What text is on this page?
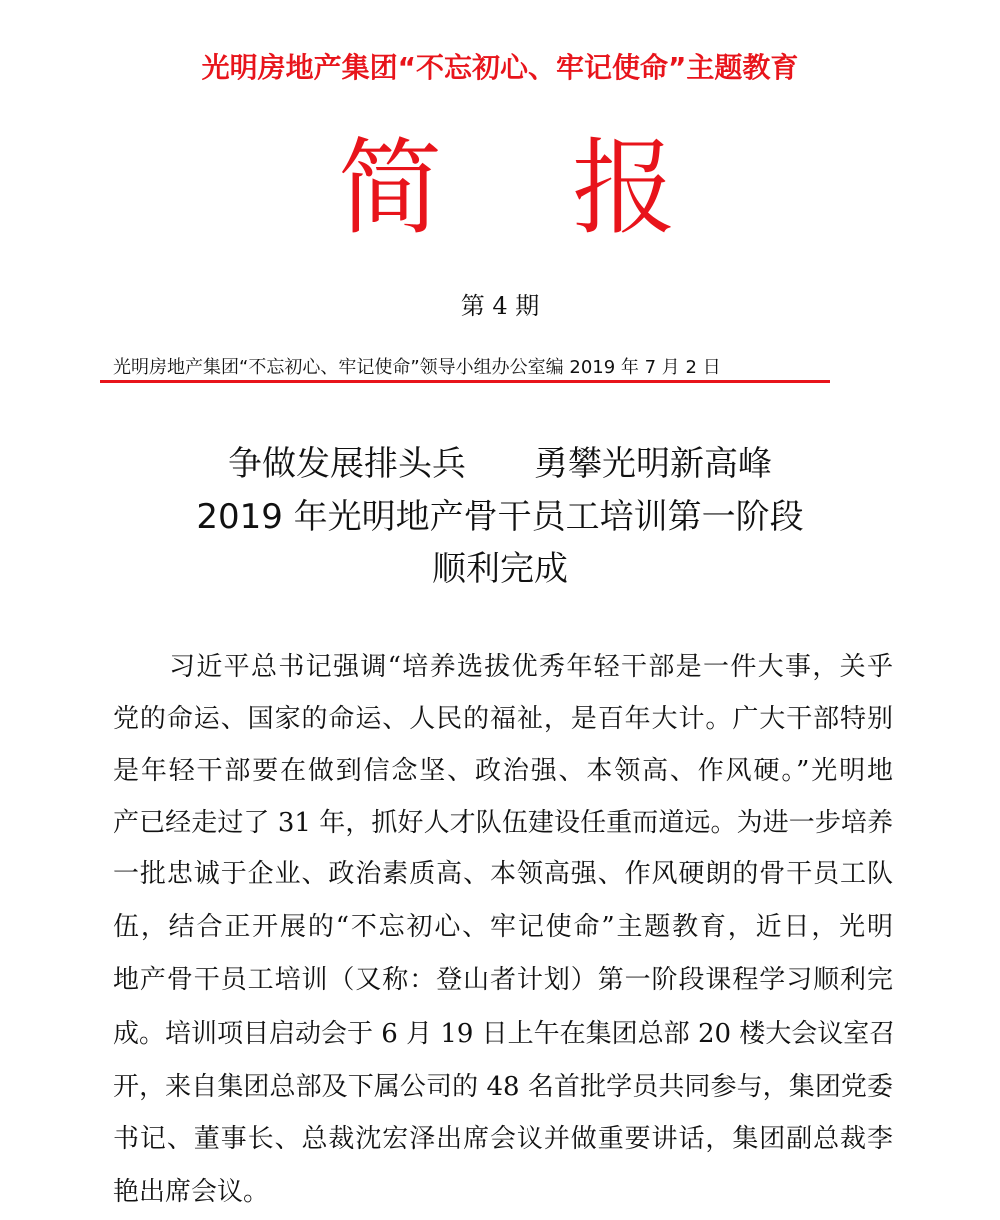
光明房地产集团“不忘初心、牢记使命”主题教育
简 报
第 4 期
光明房地产集团“不忘初心、牢记使命”领导小组办公室编 2019 年 7 月 2 日
争做发展排头兵　　勇攀光明新高峰
2019 年光明地产骨干员工培训第一阶段
顺利完成
习近平总书记强调“培养选拔优秀年轻干部是一件大事，关乎
党的命运、国家的命运、人民的福祉，是百年大计。广大干部特别
是年轻干部要在做到信念坚、政治强、本领高、作风硬。”光明地
产已经走过了 31 年，抓好人才队伍建设任重而道远。为进一步培养
一批忠诚于企业、政治素质高、本领高强、作风硬朗的骨干员工队
伍，结合正开展的“不忘初心、牢记使命”主题教育，近日，光明
地产骨干员工培训（又称：登山者计划）第一阶段课程学习顺利完
成。培训项目启动会于 6 月 19 日上午在集团总部 20 楼大会议室召
开，来自集团总部及下属公司的 48 名首批学员共同参与，集团党委
书记、董事长、总裁沈宏泽出席会议并做重要讲话，集团副总裁李
艳出席会议。
